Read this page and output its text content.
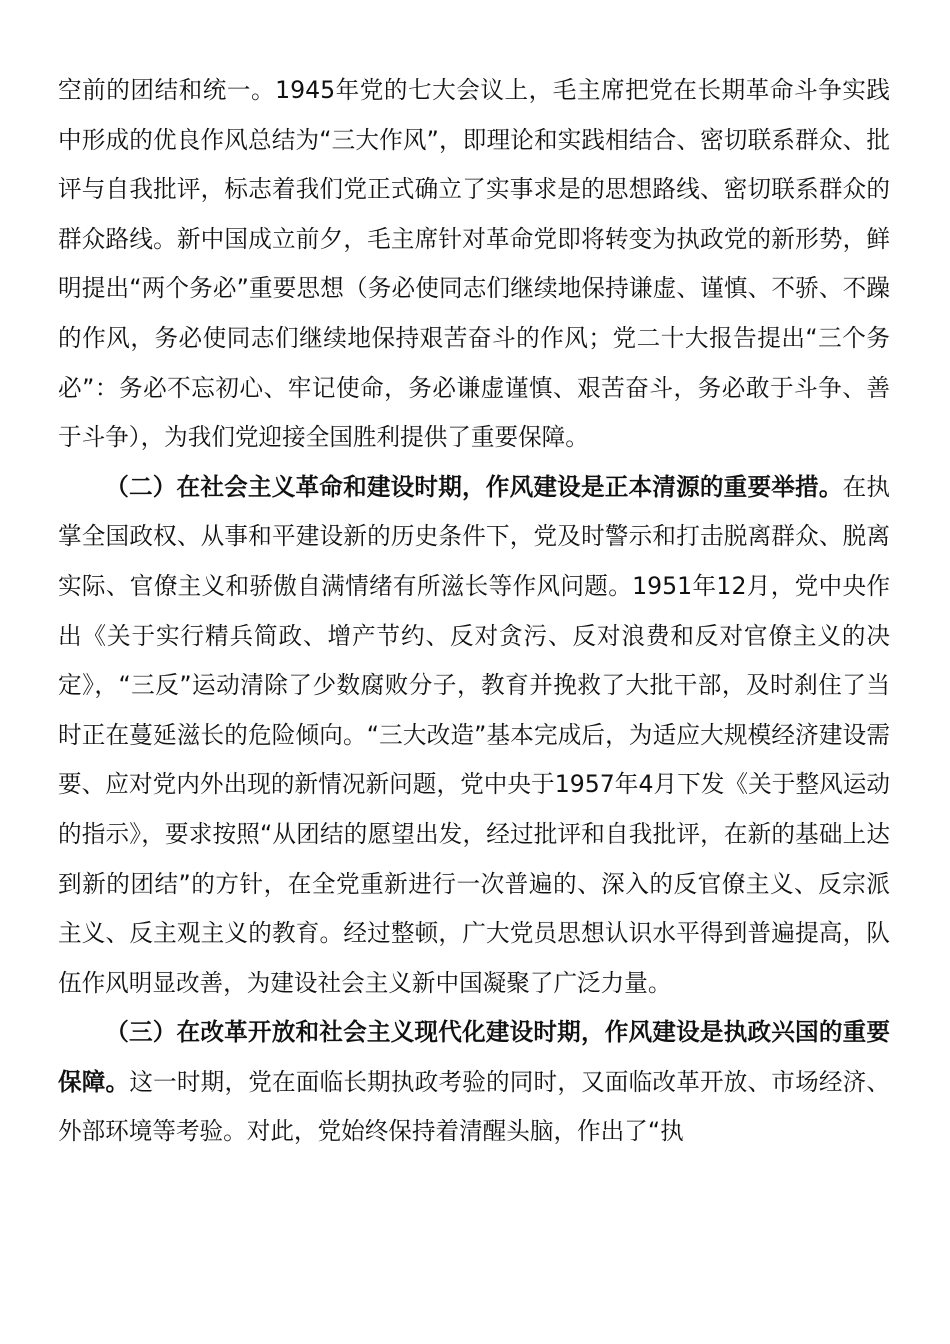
空前的团结和统一。1945年党的七大会议上，毛主席把党在长期革命斗争实践中形成的优良作风总结为“三大作风”，即理论和实践相结合、密切联系群众、批评与自我批评，标志着我们党正式确立了实事求是的思想路线、密切联系群众的群众路线。新中国成立前夕，毛主席针对革命党即将转变为执政党的新形势，鲜明提出“两个务必”重要思想（务必使同志们继续地保持谦虚、谨慎、不骄、不躁的作风，务必使同志们继续地保持艰苦奋斗的作风；党二十大报告提出“三个务必”：务必不忘初心、牢记使命，务必谦虚谨慎、艰苦奋斗，务必敢于斗争、善于斗争），为我们党迎接全国胜利提供了重要保障。

（二）在社会主义革命和建设时期，作风建设是正本清源的重要举措。在执掌全国政权、从事和平建设新的历史条件下，党及时警示和打击脱离群众、脱离实际、官僚主义和骄傲自满情绪有所滋长等作风问题。1951年12月，党中央作出《关于实行精兵简政、增产节约、反对贪污、反对浪费和反对官僚主义的决定》，“三反”运动清除了少数腐败分子，教育并挽救了大批干部，及时刹住了当时正在蔓延滋长的危险倾向。“三大改造”基本完成后，为适应大规模经济建设需要、应对党内外出现的新情况新问题，党中央于1957年4月下发《关于整风运动的指示》，要求按照“从团结的愿望出发，经过批评和自我批评，在新的基础上达到新的团结”的方针，在全党重新进行一次普遍的、深入的反官僚主义、反宗派主义、反主观主义的教育。经过整顿，广大党员思想认识水平得到普遍提高，队伍作风明显改善，为建设社会主义新中国凝聚了广泛力量。

（三）在改革开放和社会主义现代化建设时期，作风建设是执政兴国的重要保障。这一时期，党在面临长期执政考验的同时，又面临改革开放、市场经济、外部环境等考验。对此，党始终保持着清醒头脑，作出了“执
